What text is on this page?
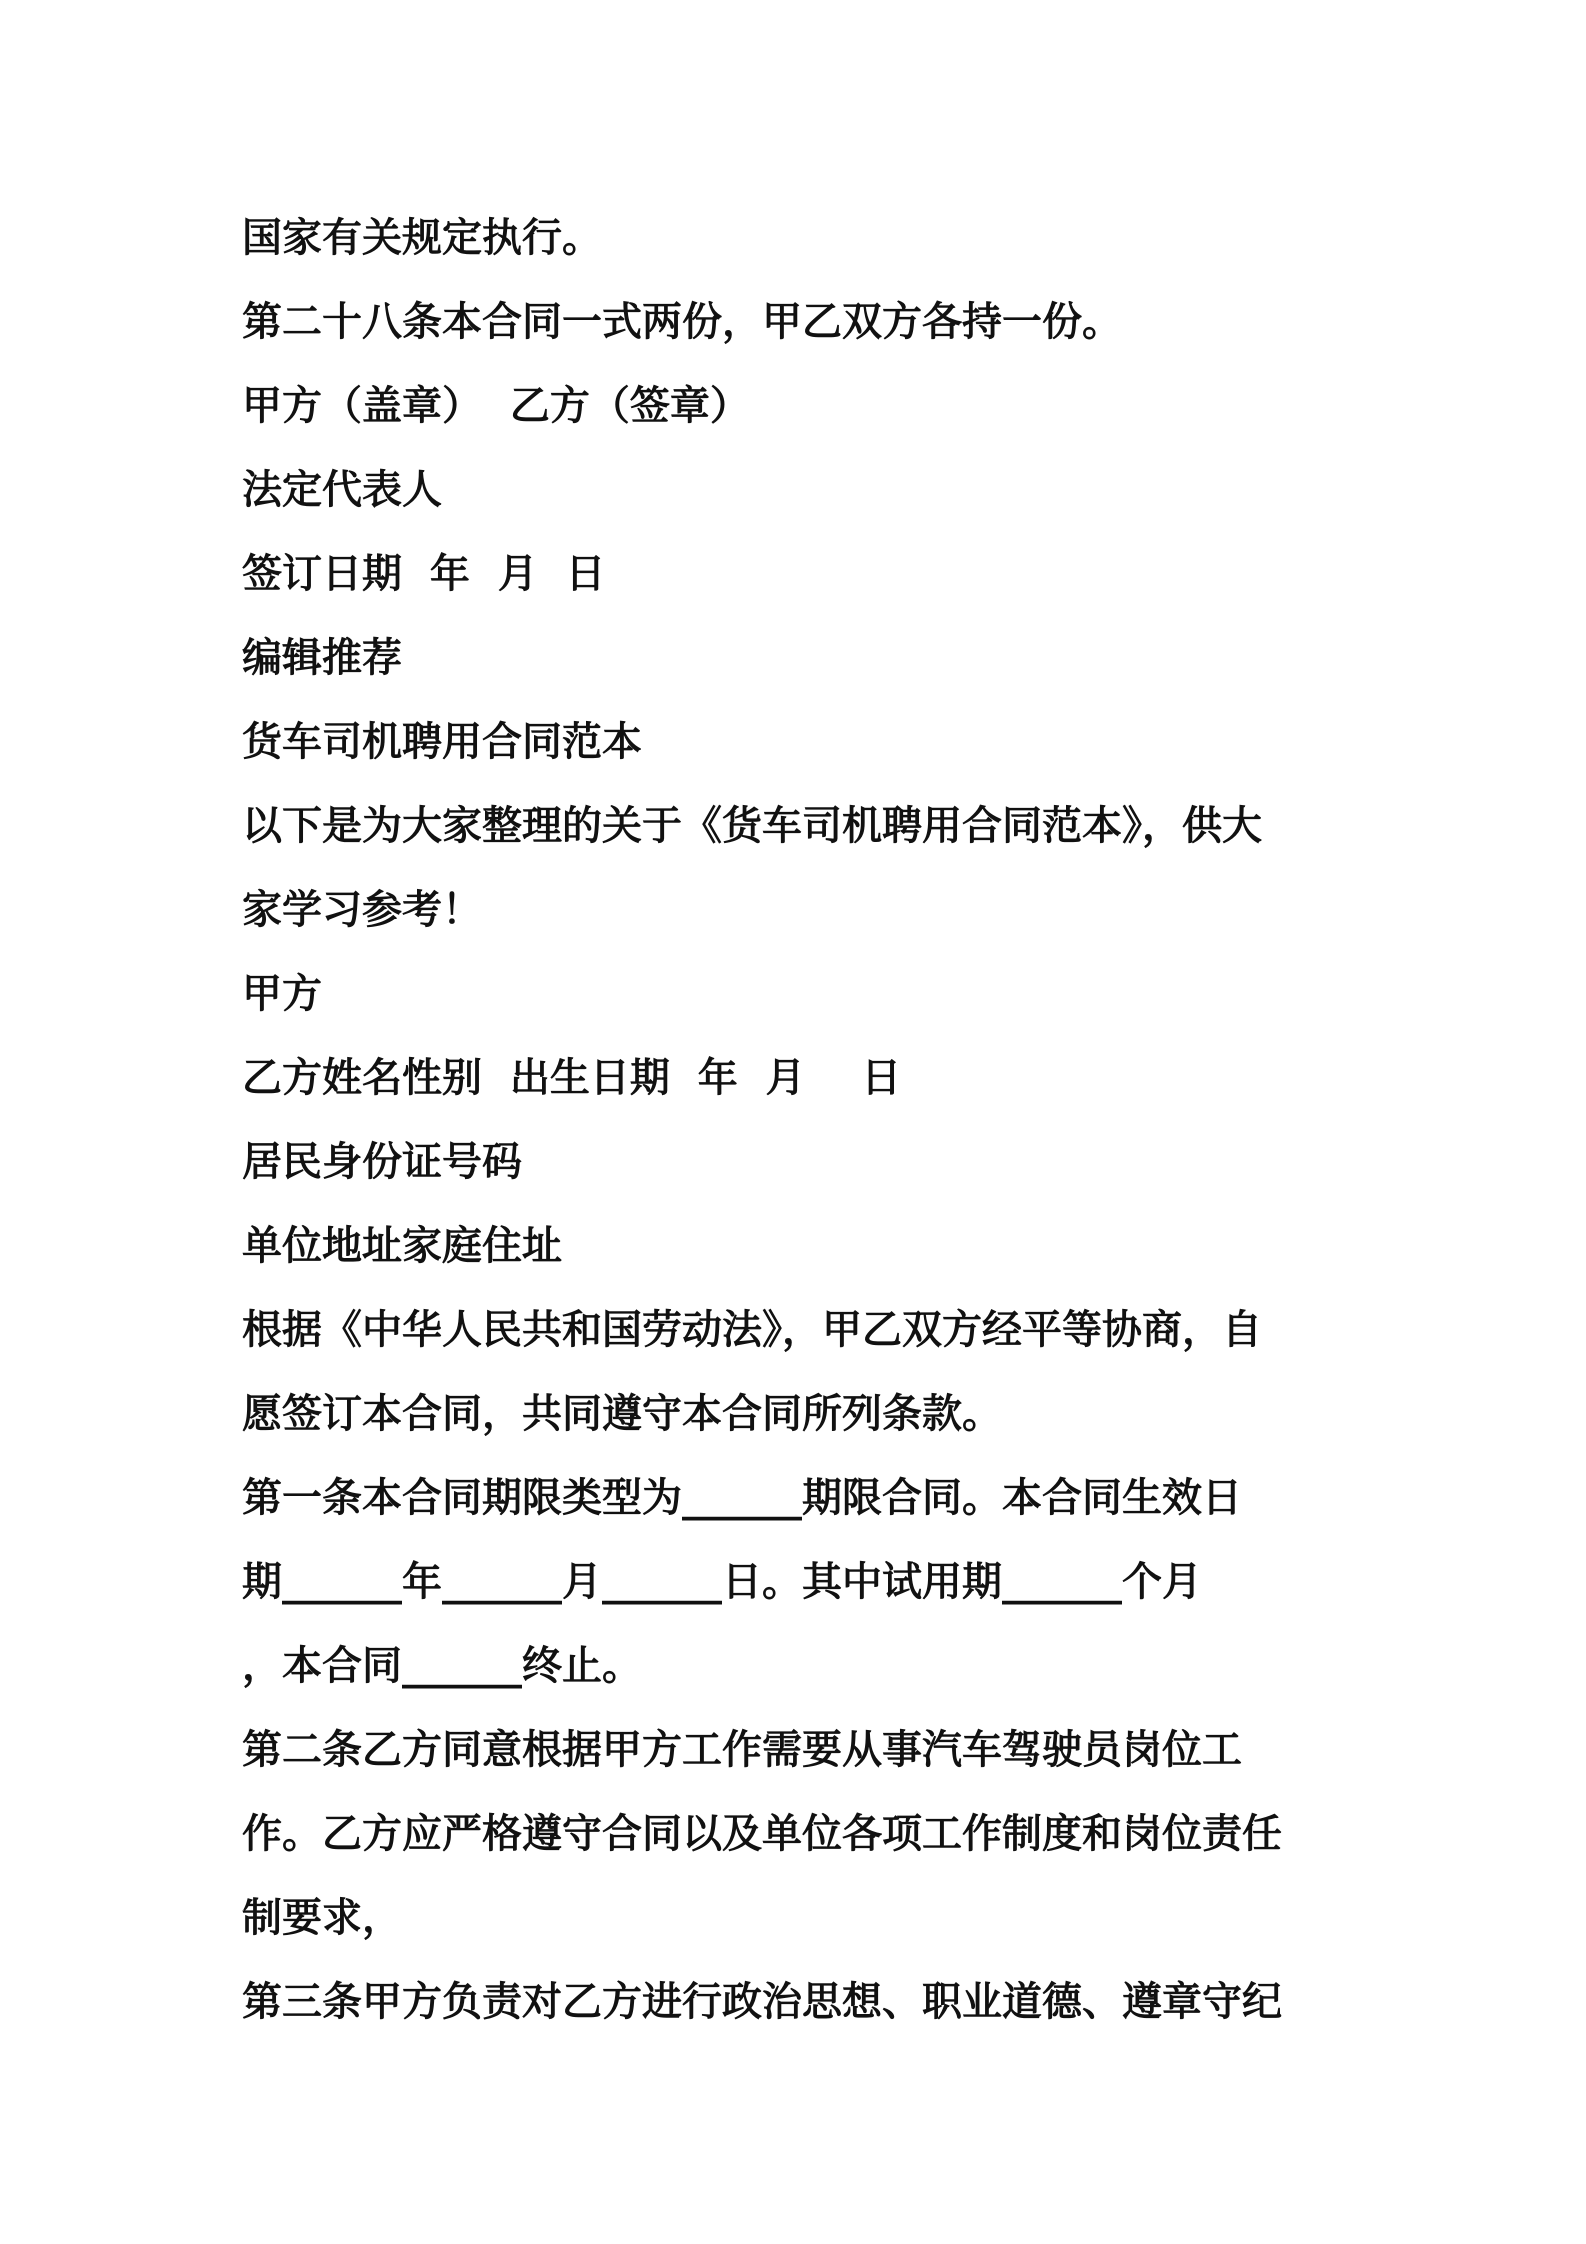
国家有关规定执行。
第二十八条本合同一式两份，甲乙双方各持一份。
甲方（盖章）  乙方（签章）
法定代表人
签订日期  年  月  日
编辑推荐
货车司机聘用合同范本
以下是为大家整理的关于《货车司机聘用合同范本》，供大
家学习参考！
甲方
乙方姓名性别  出生日期  年  月    日
居民身份证号码
单位地址家庭住址
根据《中华人民共和国劳动法》，甲乙双方经平等协商，自
愿签订本合同，共同遵守本合同所列条款。
第一条本合同期限类型为______期限合同。本合同生效日
期______年______月______日。其中试用期______个月
，本合同______终止。
第二条乙方同意根据甲方工作需要从事汽车驾驶员岗位工
作。乙方应严格遵守合同以及单位各项工作制度和岗位责任
制要求，
第三条甲方负责对乙方进行政治思想、职业道德、遵章守纪
